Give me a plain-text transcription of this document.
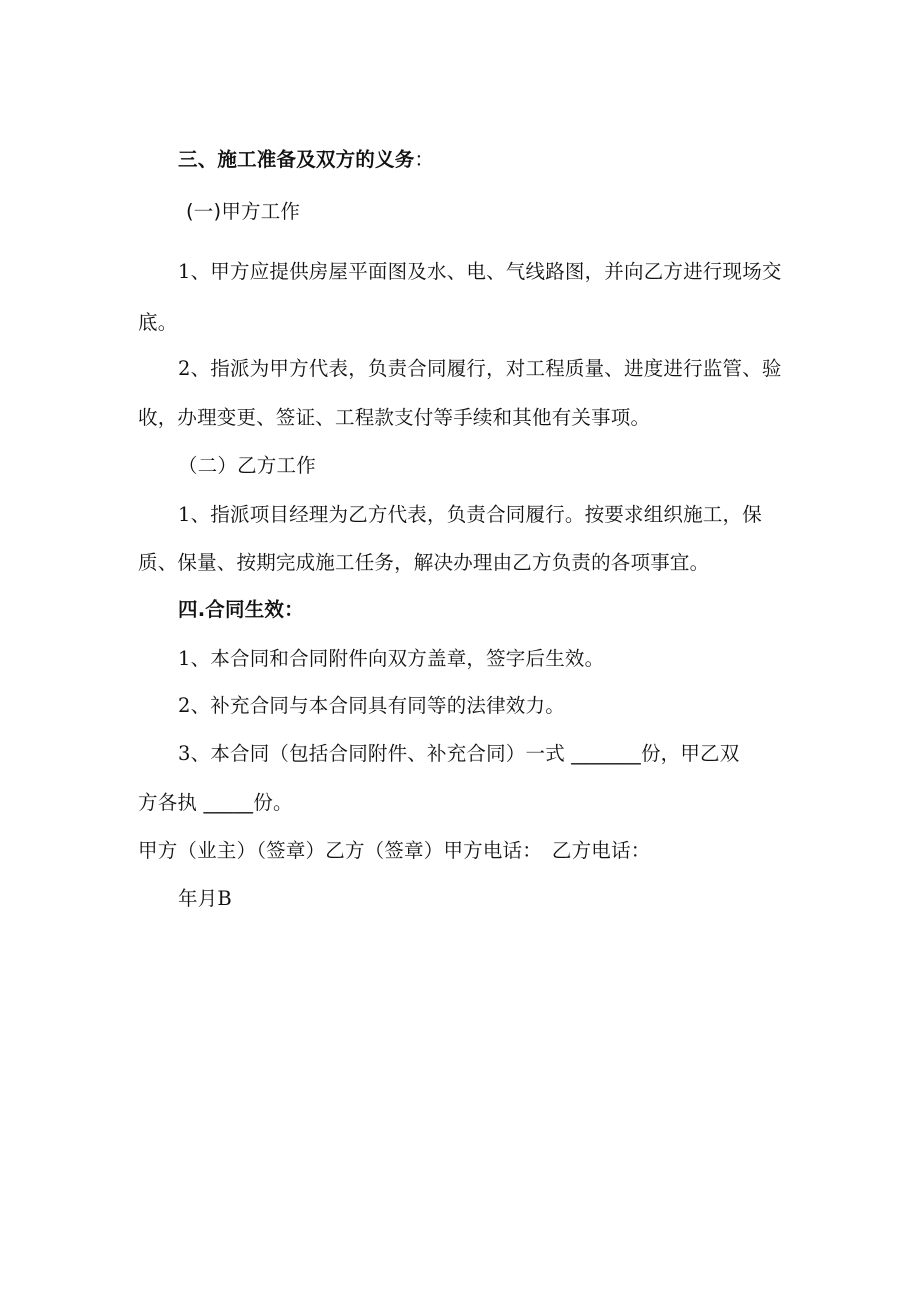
三、施工准备及双方的义务：
(一)甲方工作
1、甲方应提供房屋平面图及水、电、气线路图，并向乙方进行现场交
底。
2、指派为甲方代表，负责合同履行，对工程质量、进度进行监管、验
收，办理变更、签证、工程款支付等手续和其他有关事项。
（二）乙方工作
1、指派项目经理为乙方代表，负责合同履行。按要求组织施工，保
质、保量、按期完成施工任务，解决办理由乙方负责的各项事宜。
四.合同生效：
1、本合同和合同附件向双方盖章，签字后生效。
2、补充合同与本合同具有同等的法律效力。
3、本合同（包括合同附件、补充合同）一式 _______份，甲乙双
方各执 _____份。
甲方（业主）（签章）乙方（签章）甲方电话：　乙方电话：
年月B
